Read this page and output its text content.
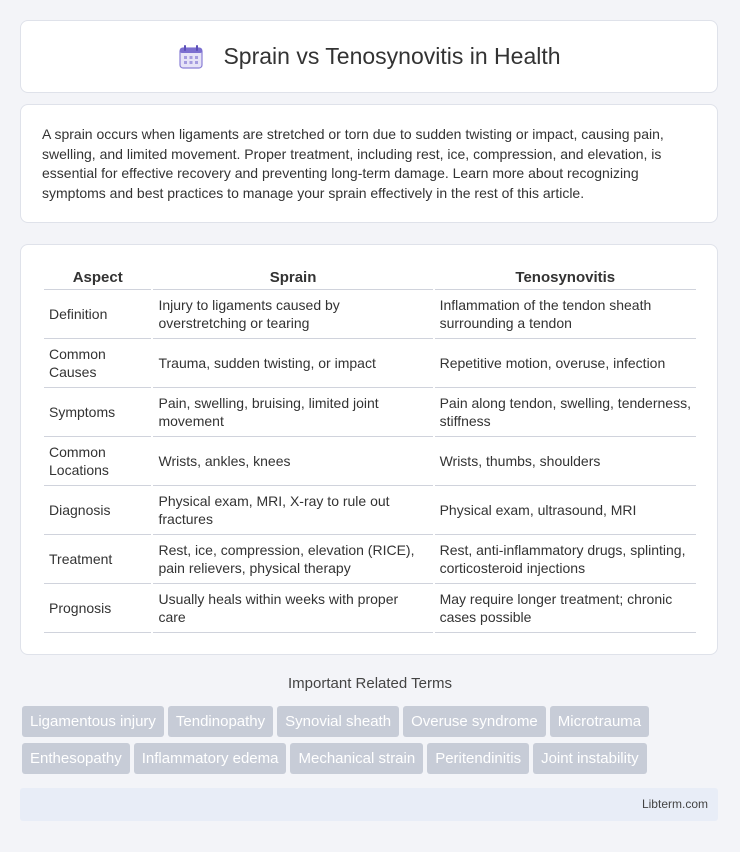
Sprain vs Tenosynovitis in Health

A sprain occurs when ligaments are stretched or torn due to sudden twisting or impact, causing pain, swelling, and limited movement. Proper treatment, including rest, ice, compression, and elevation, is essential for effective recovery and preventing long-term damage. Learn more about recognizing symptoms and best practices to manage your sprain effectively in the rest of this article.

Aspect	Sprain	Tenosynovitis
Definition	Injury to ligaments caused by overstretching or tearing	Inflammation of the tendon sheath surrounding a tendon
Common Causes	Trauma, sudden twisting, or impact	Repetitive motion, overuse, infection
Symptoms	Pain, swelling, bruising, limited joint movement	Pain along tendon, swelling, tenderness, stiffness
Common Locations	Wrists, ankles, knees	Wrists, thumbs, shoulders
Diagnosis	Physical exam, MRI, X-ray to rule out fractures	Physical exam, ultrasound, MRI
Treatment	Rest, ice, compression, elevation (RICE), pain relievers, physical therapy	Rest, anti-inflammatory drugs, splinting, corticosteroid injections
Prognosis	Usually heals within weeks with proper care	May require longer treatment; chronic cases possible
Important Related Terms
Ligamentous injury Tendinopathy Synovial sheath Overuse syndrome MicrotraumaEnthesopathy Inflammatory edema Mechanical strain Peritendinitis Joint instability
Libterm.com
